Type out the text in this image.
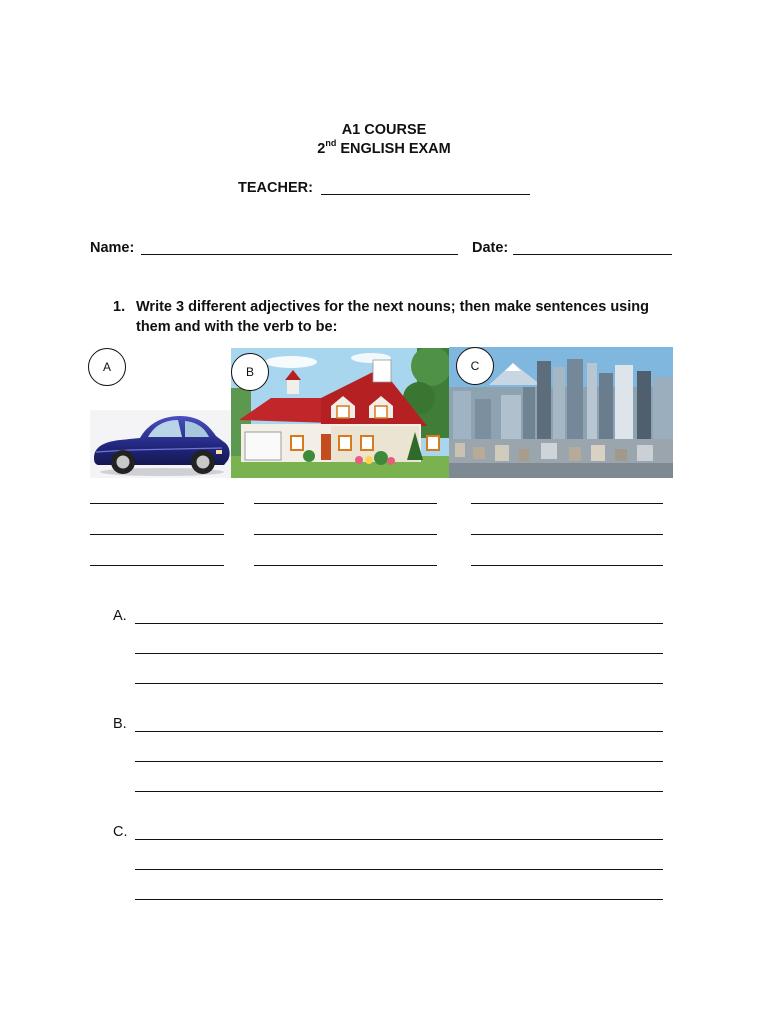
A1 COURSE
2nd ENGLISH EXAM
TEACHER:
Name:	Date:
1. Write 3 different adjectives for the next nouns; then make sentences using
them and with the verb to be:
A	B	C
A.
B.
C.
